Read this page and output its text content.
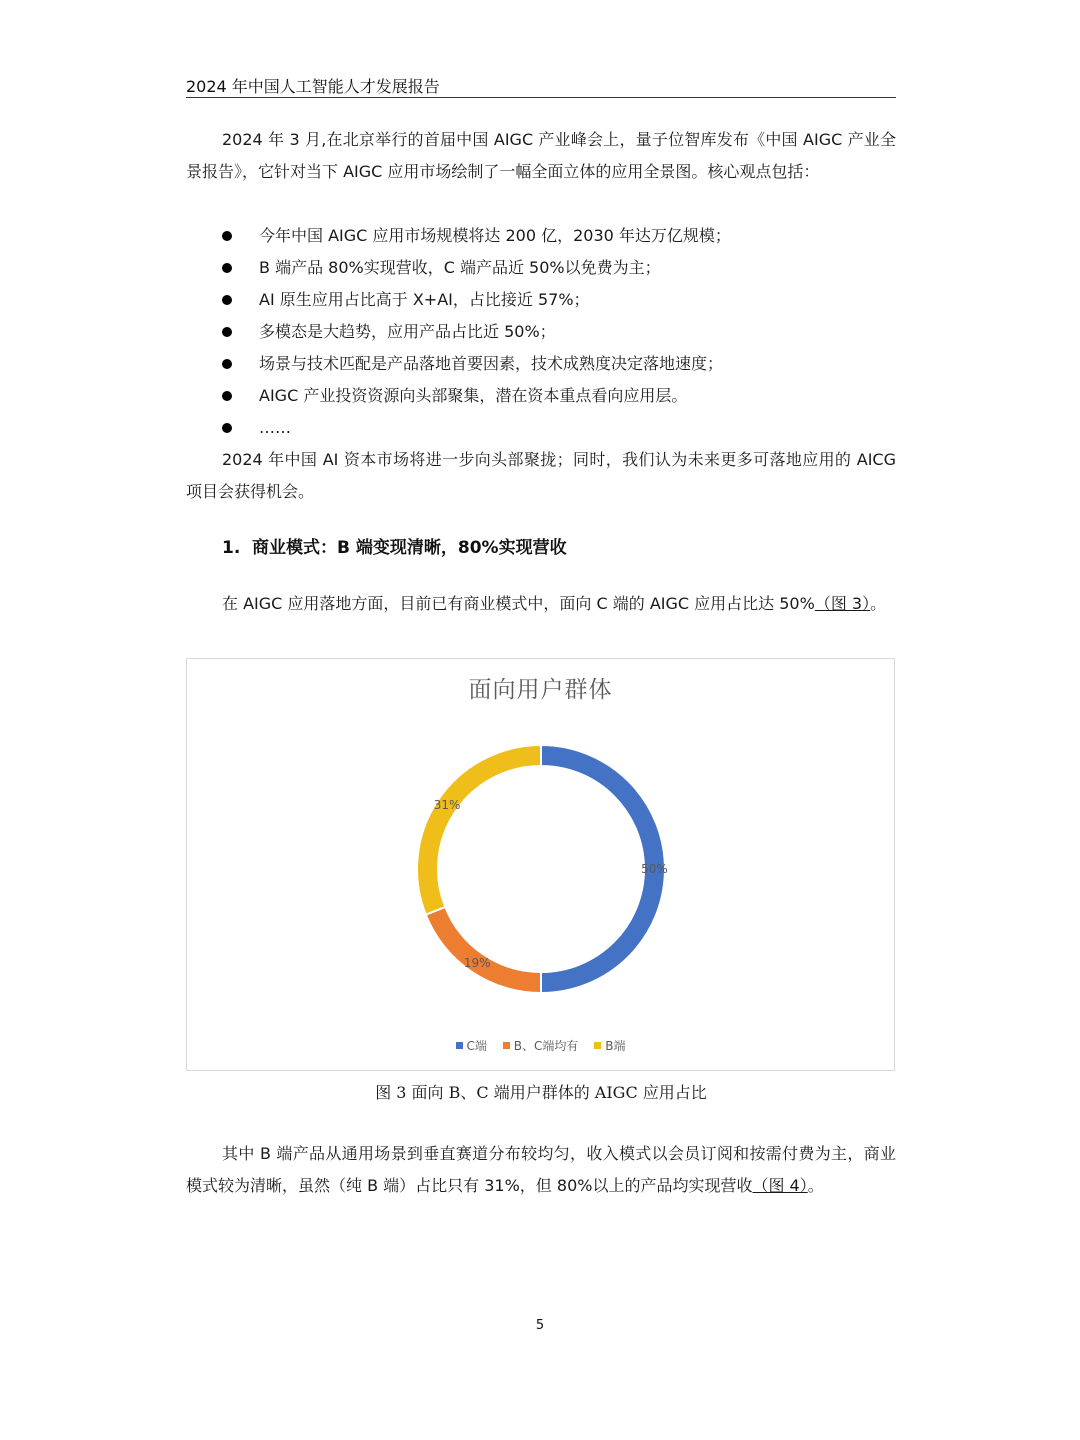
2024 年中国人工智能人才发展报告

2024 年 3 月,在北京举行的首届中国 AIGC 产业峰会上，量子位智库发布《中国 AIGC 产业全景报告》，它针对当下 AIGC 应用市场绘制了一幅全面立体的应用全景图。核心观点包括：

今年中国 AIGC 应用市场规模将达 200 亿，2030 年达万亿规模；
B 端产品 80%实现营收，C 端产品近 50%以免费为主；
AI 原生应用占比高于 X+AI，占比接近 57%；
多模态是大趋势，应用产品占比近 50%；
场景与技术匹配是产品落地首要因素，技术成熟度决定落地速度；
AIGC 产业投资资源向头部聚集，潜在资本重点看向应用层。
……

2024 年中国 AI 资本市场将进一步向头部聚拢；同时，我们认为未来更多可落地应用的 AICG 项目会获得机会。

1. 商业模式：B 端变现清晰，80%实现营收

在 AIGC 应用落地方面，目前已有商业模式中，面向 C 端的 AIGC 应用占比达 50%（图 3）。

面向用户群体
50%
19%
31%
C端 B、C端均有 B端
图 3 面向 B、C 端用户群体的 AIGC 应用占比

其中 B 端产品从通用场景到垂直赛道分布较均匀，收入模式以会员订阅和按需付费为主，商业模式较为清晰，虽然（纯 B 端）占比只有 31%，但 80%以上的产品均实现营收（图 4）。

5
